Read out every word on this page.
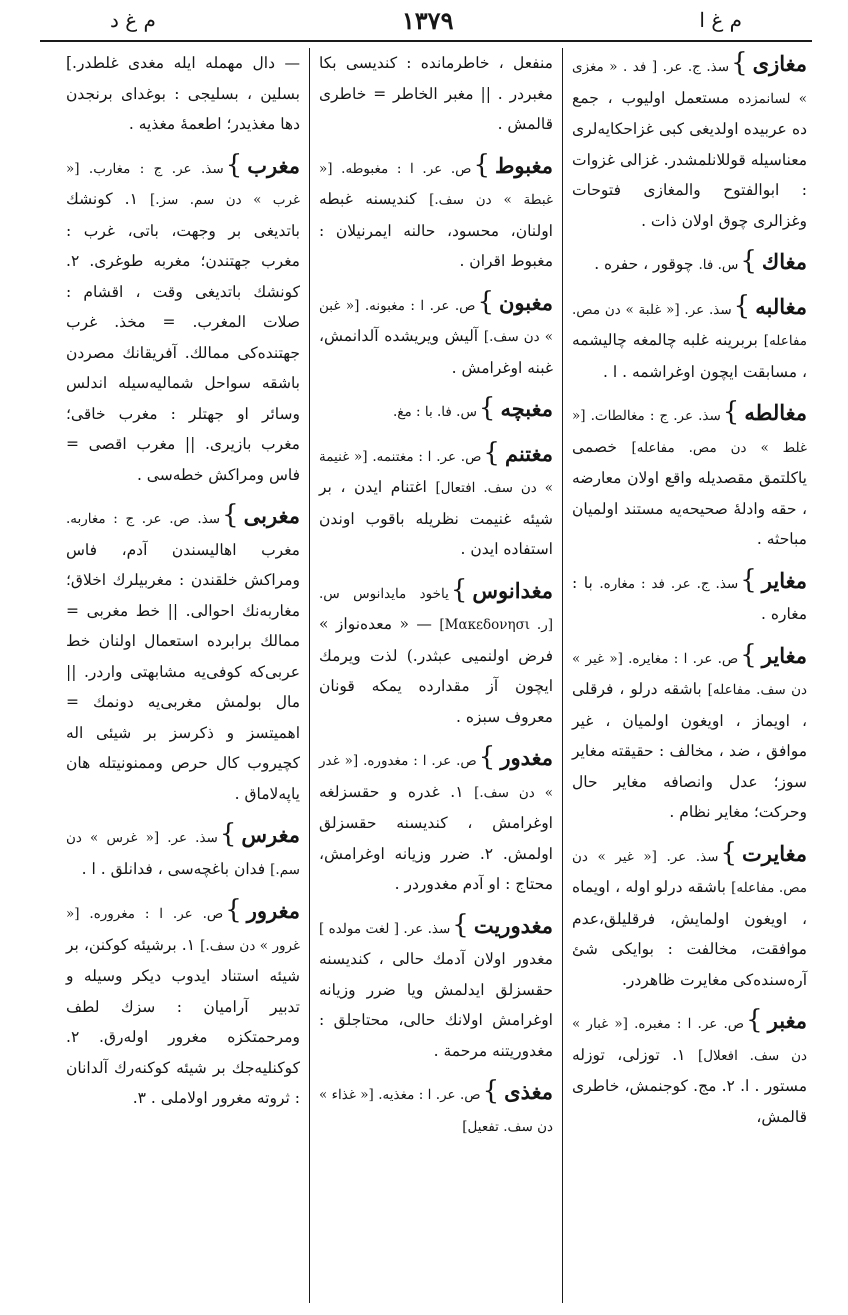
م غ ا
١٣٧٩
م غ د

مغازى}سذ. ج. عر. [ فد . « مغزى » لسانمزده مستعمل اولیوب ، جمع ده عربیده اولدیغی کبی غزاحکایه‌لری معناسیله قوللانلمشدر. غزالی غزوات : ابوالفتوح والمغازی فتوحات وغزالری چوق اولان ذات .

مغاك}س. فا. چوقور ، حفره .

مغالبه}سذ. عر. [« غلبة » دن مص. مفاعله] بربرینه غلبه چالمغه چالیشمه ، مسابقت ایچون اوغراشمه . ا .

مغالطه}سذ. عر. ج : مغالطات. [« غلط » دن مص. مفاعله] خصمی یاکلتمق مقصدیله واقع اولان معارضه ، حقه وادلۀ صحیحه‌یه مستند اولمیان مباحثه .

مغاير}سذ. ج. عر. فد : مغاره. با : مغاره .

مغاير}ص. عر. ا : مغايره. [« غیر » دن سف. مفاعله] باشقه درلو ، فرقلی ، اویماز ، اویغون اولمیان ، غیر موافق ، ضد ، مخالف : حقیقته مغایر سوز؛ عدل وانصافه مغایر حال وحرکت؛ مغایر نظام .

مغایرت}سذ. عر. [« غیر » دن مص. مفاعله] باشقه درلو اوله ، اویماه ، اویغون اولمایش، فرقلیلق،عدم موافقت، مخالفت : بوایکی شئ آره‌سنده‌کی مغایرت ظاهردر.

مغبر}ص. عر. ا : مغبره. [« غبار » دن سف. افعلال] ١. توزلی، توزله مستور . ا. ٢. مج. کوجنمش، خاطری قالمش،

منفعل ، خاطرمانده : کندیسی بکا مغبردر . || مغبر الخاطر = خاطری قالمش .

مغبوط}ص. عر. ا : مغبوطه. [« غبطة » دن سف.] کندیسنه غبطه اولنان، محسود، حالنه ایمرنیلان : مغبوط اقران .

مغبون}ص. عر. ا : مغبونه. [« غبن » دن سف.] آلیش ویریشده آلدانمش، غبنه اوغرامش .

مغبچه}س. فا. با : مغ.

مغتنم}ص. عر. ا : مغتنمه. [« غنیمة » دن سف. افتعال] اغتنام ایدن ، بر شیئه غنیمت نظریله باقوب اوندن استفاده ایدن .

مغدانوس}یاخود مایدانوس س. [ر. Μακεδονησι] — « معده‌نواز » فرض اولنمیی عبثدر.) لذت ویرمك ایچون آز مقدارده یمکه قونان معروف سبزه .

مغدور}ص. عر. ا : مغدوره. [« غدر » دن سف.] ١. غدره و حقسزلغه اوغرامش ، کندیسنه حقسزلق اولمش. ٢. ضرر وزیانه اوغرامش، محتاج : او آدم مغدوردر .

مغدوریت}سذ. عر. [ لغت مولده ] مغدور اولان آدمك حالی ، کندیسنه حقسزلق ایدلمش ویا ضرر وزیانه اوغرامش اولانك حالی، محتاجلق : مغدوریتنه مرحمة .

مغذی}ص. عر. ا : مغذیه. [« غذاء » دن سف. تفعیل]

— دال مهمله ایله مغدی غلطدر.] بسلین ، بسلیجی : بوغدای برنجدن دها مغذیدر؛ اطعمۀ مغذیه .

مغرب}سذ. عر. ج : مغارب. [« غرب » دن سم. سز.] ١. کونشك باتدیغی بر وجهت، باتی، غرب : مغرب جهتندن؛ مغربه طوغری. ٢. کونشك باتدیغی وقت ، اقشام : صلات المغرب. = مخذ. غرب جهتنده‌کی ممالك. آفریقانك مصردن باشقه سواحل شمالیه‌سیله اندلس وسائر او جهتلر : مغرب خاقی؛ مغرب بازیری. || مغرب اقصی = فاس ومراکش خطه‌سی .

مغربی}سذ. ص. عر. ج : مغاربه. مغرب اهالیسندن آدم، فاس ومراکش خلقندن : مغربیلرك اخلاق؛ مغاربه‌نك احوالی. || خط مغربی = ممالك برابرده استعمال اولنان خط عربی‌که کوفی‌یه مشابهتی واردر. || مال بولمش مغربی‌یه دونمك = اهمیتسز و ذکرسز بر شیئی اله کچیروب کال حرص وممنونیتله هان یاپه‌لاماق .

مغرس}سذ. عر. [« غرس » دن سم.] فدان باغچه‌سی ، فدانلق . ا .

مغرور}ص. عر. ا : مغروره. [« غرور » دن سف.] ١. برشیئه کوکنن، بر شیئه استناد ایدوب دیکر وسیله و تدبیر آرامیان : سزك لطف ومرحمتکزه مغرور اوله‌رق. ٢. کوکنلیه‌جك بر شیئه کوکنه‌رك آلدانان : ثروته مغرور اولاملی . ٣.
